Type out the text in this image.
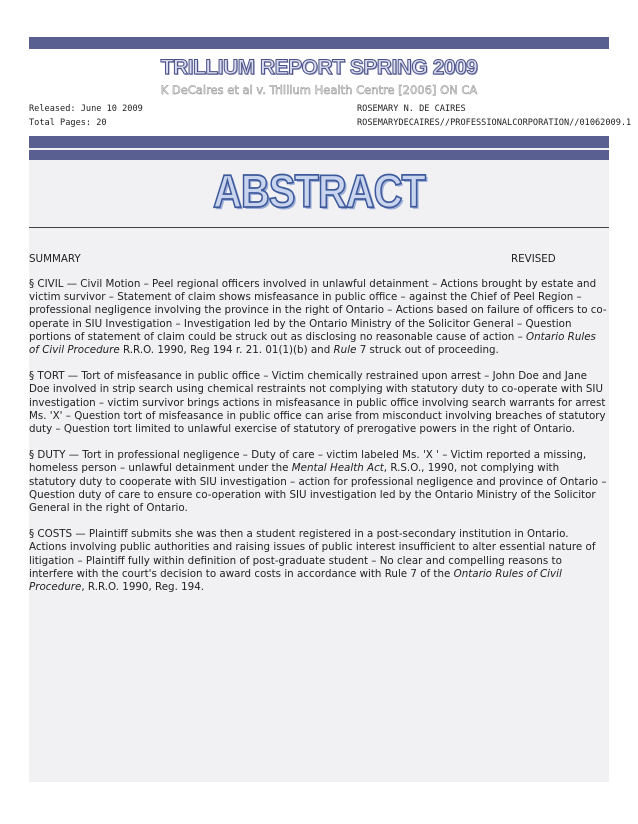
TRILLIUM REPORT SPRING 2009
K DeCaires et al v. Trillium Health Centre [2006] ON CA
Released: June 10 2009
Total Pages: 20
ROSEMARY N. DE CAIRES
ROSEMARYDECAIRES//PROFESSIONALCORPORATION//01062009.1
ABSTRACT
SUMMARY	REVISED

§ CIVIL — Civil Motion – Peel regional officers involved in unlawful detainment – Actions brought by estate and victim survivor – Statement of claim shows misfeasance in public office – against the Chief of Peel Region – professional negligence involving the province in the right of Ontario – Actions based on failure of officers to co-operate in SIU Investigation – Investigation led by the Ontario Ministry of the Solicitor General – Question portions of statement of claim could be struck out as disclosing no reasonable cause of action – Ontario Rules of Civil Procedure R.R.O. 1990, Reg 194 r. 21. 01(1)(b) and Rule 7 struck out of proceeding.

§ TORT — Tort of misfeasance in public office – Victim chemically restrained upon arrest – John Doe and Jane Doe involved in strip search using chemical restraints not complying with statutory duty to co-operate with SIU investigation – victim survivor brings actions in misfeasance in public office involving search warrants for arrest Ms. 'X' – Question tort of misfeasance in public office can arise from misconduct involving breaches of statutory duty – Question tort limited to unlawful exercise of statutory of prerogative powers in the right of Ontario.

§ DUTY — Tort in professional negligence – Duty of care – victim labeled Ms. 'X ' – Victim reported a missing, homeless person – unlawful detainment under the Mental Health Act, R.S.O., 1990, not complying with statutory duty to cooperate with SIU investigation – action for professional negligence and province of Ontario – Question duty of care to ensure co-operation with SIU investigation led by the Ontario Ministry of the Solicitor General in the right of Ontario.

§ COSTS — Plaintiff submits she was then a student registered in a post-secondary institution in Ontario. Actions involving public authorities and raising issues of public interest insufficient to alter essential nature of litigation – Plaintiff fully within definition of post-graduate student – No clear and compelling reasons to interfere with the court's decision to award costs in accordance with Rule 7 of the Ontario Rules of Civil Procedure, R.R.O. 1990, Reg. 194.
